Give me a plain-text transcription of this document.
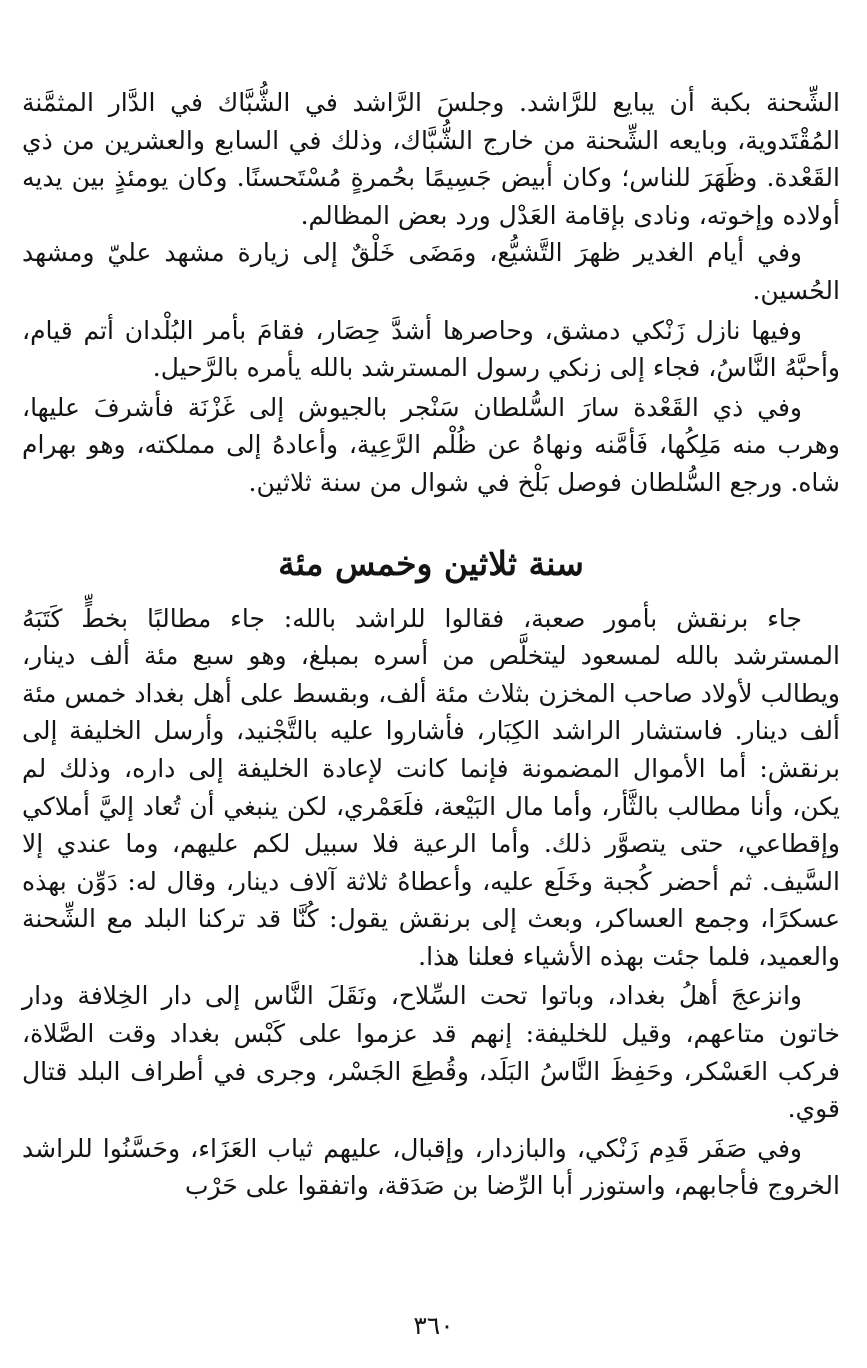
الشِّحنة بكبة أن يبايع للرَّاشد. وجلسَ الرَّاشد في الشُّبَّاك في الدَّار المثمَّنة المُقْتَدوية، وبايعه الشِّحنة من خارج الشُّبَّاك، وذلك في السابع والعشرين من ذي القَعْدة. وظَهَرَ للناس؛ وكان أبيض جَسِيمًا بحُمرةٍ مُسْتَحسنًا. وكان يومئذٍ بين يديه أولاده وإخوته، ونادى بإقامة العَدْل ورد بعض المظالم.

وفي أيام الغدير ظهرَ التَّشيُّع، ومَضَى خَلْقٌ إلى زيارة مشهد عليّ ومشهد الحُسين.

وفيها نازل زَنْكي دمشق، وحاصرها أشدَّ حِصَار، فقامَ بأمر البُلْدان أتم قيام، وأحبَّهُ النَّاسُ، فجاء إلى زنكي رسول المسترشد بالله يأمره بالرَّحيل.

وفي ذي القَعْدة سارَ السُّلطان سَنْجر بالجيوش إلى غَزْنَة فأشرفَ عليها، وهرب منه مَلِكُها، فَأمَّنه ونهاهُ عن ظُلْم الرَّعِية، وأعادهُ إلى مملكته، وهو بهرام شاه. ورجع السُّلطان فوصل بَلْخ في شوال من سنة ثلاثين.

سنة ثلاثين وخمس مئة

جاء برنقش بأمور صعبة، فقالوا للراشد بالله: جاء مطالبًا بخطٍّ كَتَبَهُ المسترشد بالله لمسعود ليتخلَّص من أسره بمبلغ، وهو سبع مئة ألف دينار، ويطالب لأولاد صاحب المخزن بثلاث مئة ألف، وبقسط على أهل بغداد خمس مئة ألف دينار. فاستشار الراشد الكِبَار، فأشاروا عليه بالتَّجْنيد، وأرسل الخليفة إلى برنقش: أما الأموال المضمونة فإنما كانت لإعادة الخليفة إلى داره، وذلك لم يكن، وأنا مطالب بالثَّأر، وأما مال البَيْعة، فلَعَمْري، لكن ينبغي أن تُعاد إليَّ أملاكي وإقطاعي، حتى يتصوَّر ذلك. وأما الرعية فلا سبيل لكم عليهم، وما عندي إلا السَّيف. ثم أحضر كُجبة وخَلَع عليه، وأعطاهُ ثلاثة آلاف دينار، وقال له: دَوِّن بهذه عسكرًا، وجمع العساكر، وبعث إلى برنقش يقول: كُنَّا قد تركنا البلد مع الشِّحنة والعميد، فلما جئت بهذه الأشياء فعلنا هذا.

وانزعجَ أهلُ بغداد، وباتوا تحت السِّلاح، ونَقَلَ النَّاس إلى دار الخِلافة ودار خاتون متاعهم، وقيل للخليفة: إنهم قد عزموا على كَبْس بغداد وقت الصَّلاة، فركب العَسْكر، وحَفِظَ النَّاسُ البَلَد، وقُطِعَ الجَسْر، وجرى في أطراف البلد قتال قوي.

وفي صَفَر قَدِم زَنْكي، والبازدار، وإقبال، عليهم ثياب العَزَاء، وحَسَّنُوا للراشد الخروج فأجابهم، واستوزر أبا الرِّضا بن صَدَقة، واتفقوا على حَرْب

٣٦٠
